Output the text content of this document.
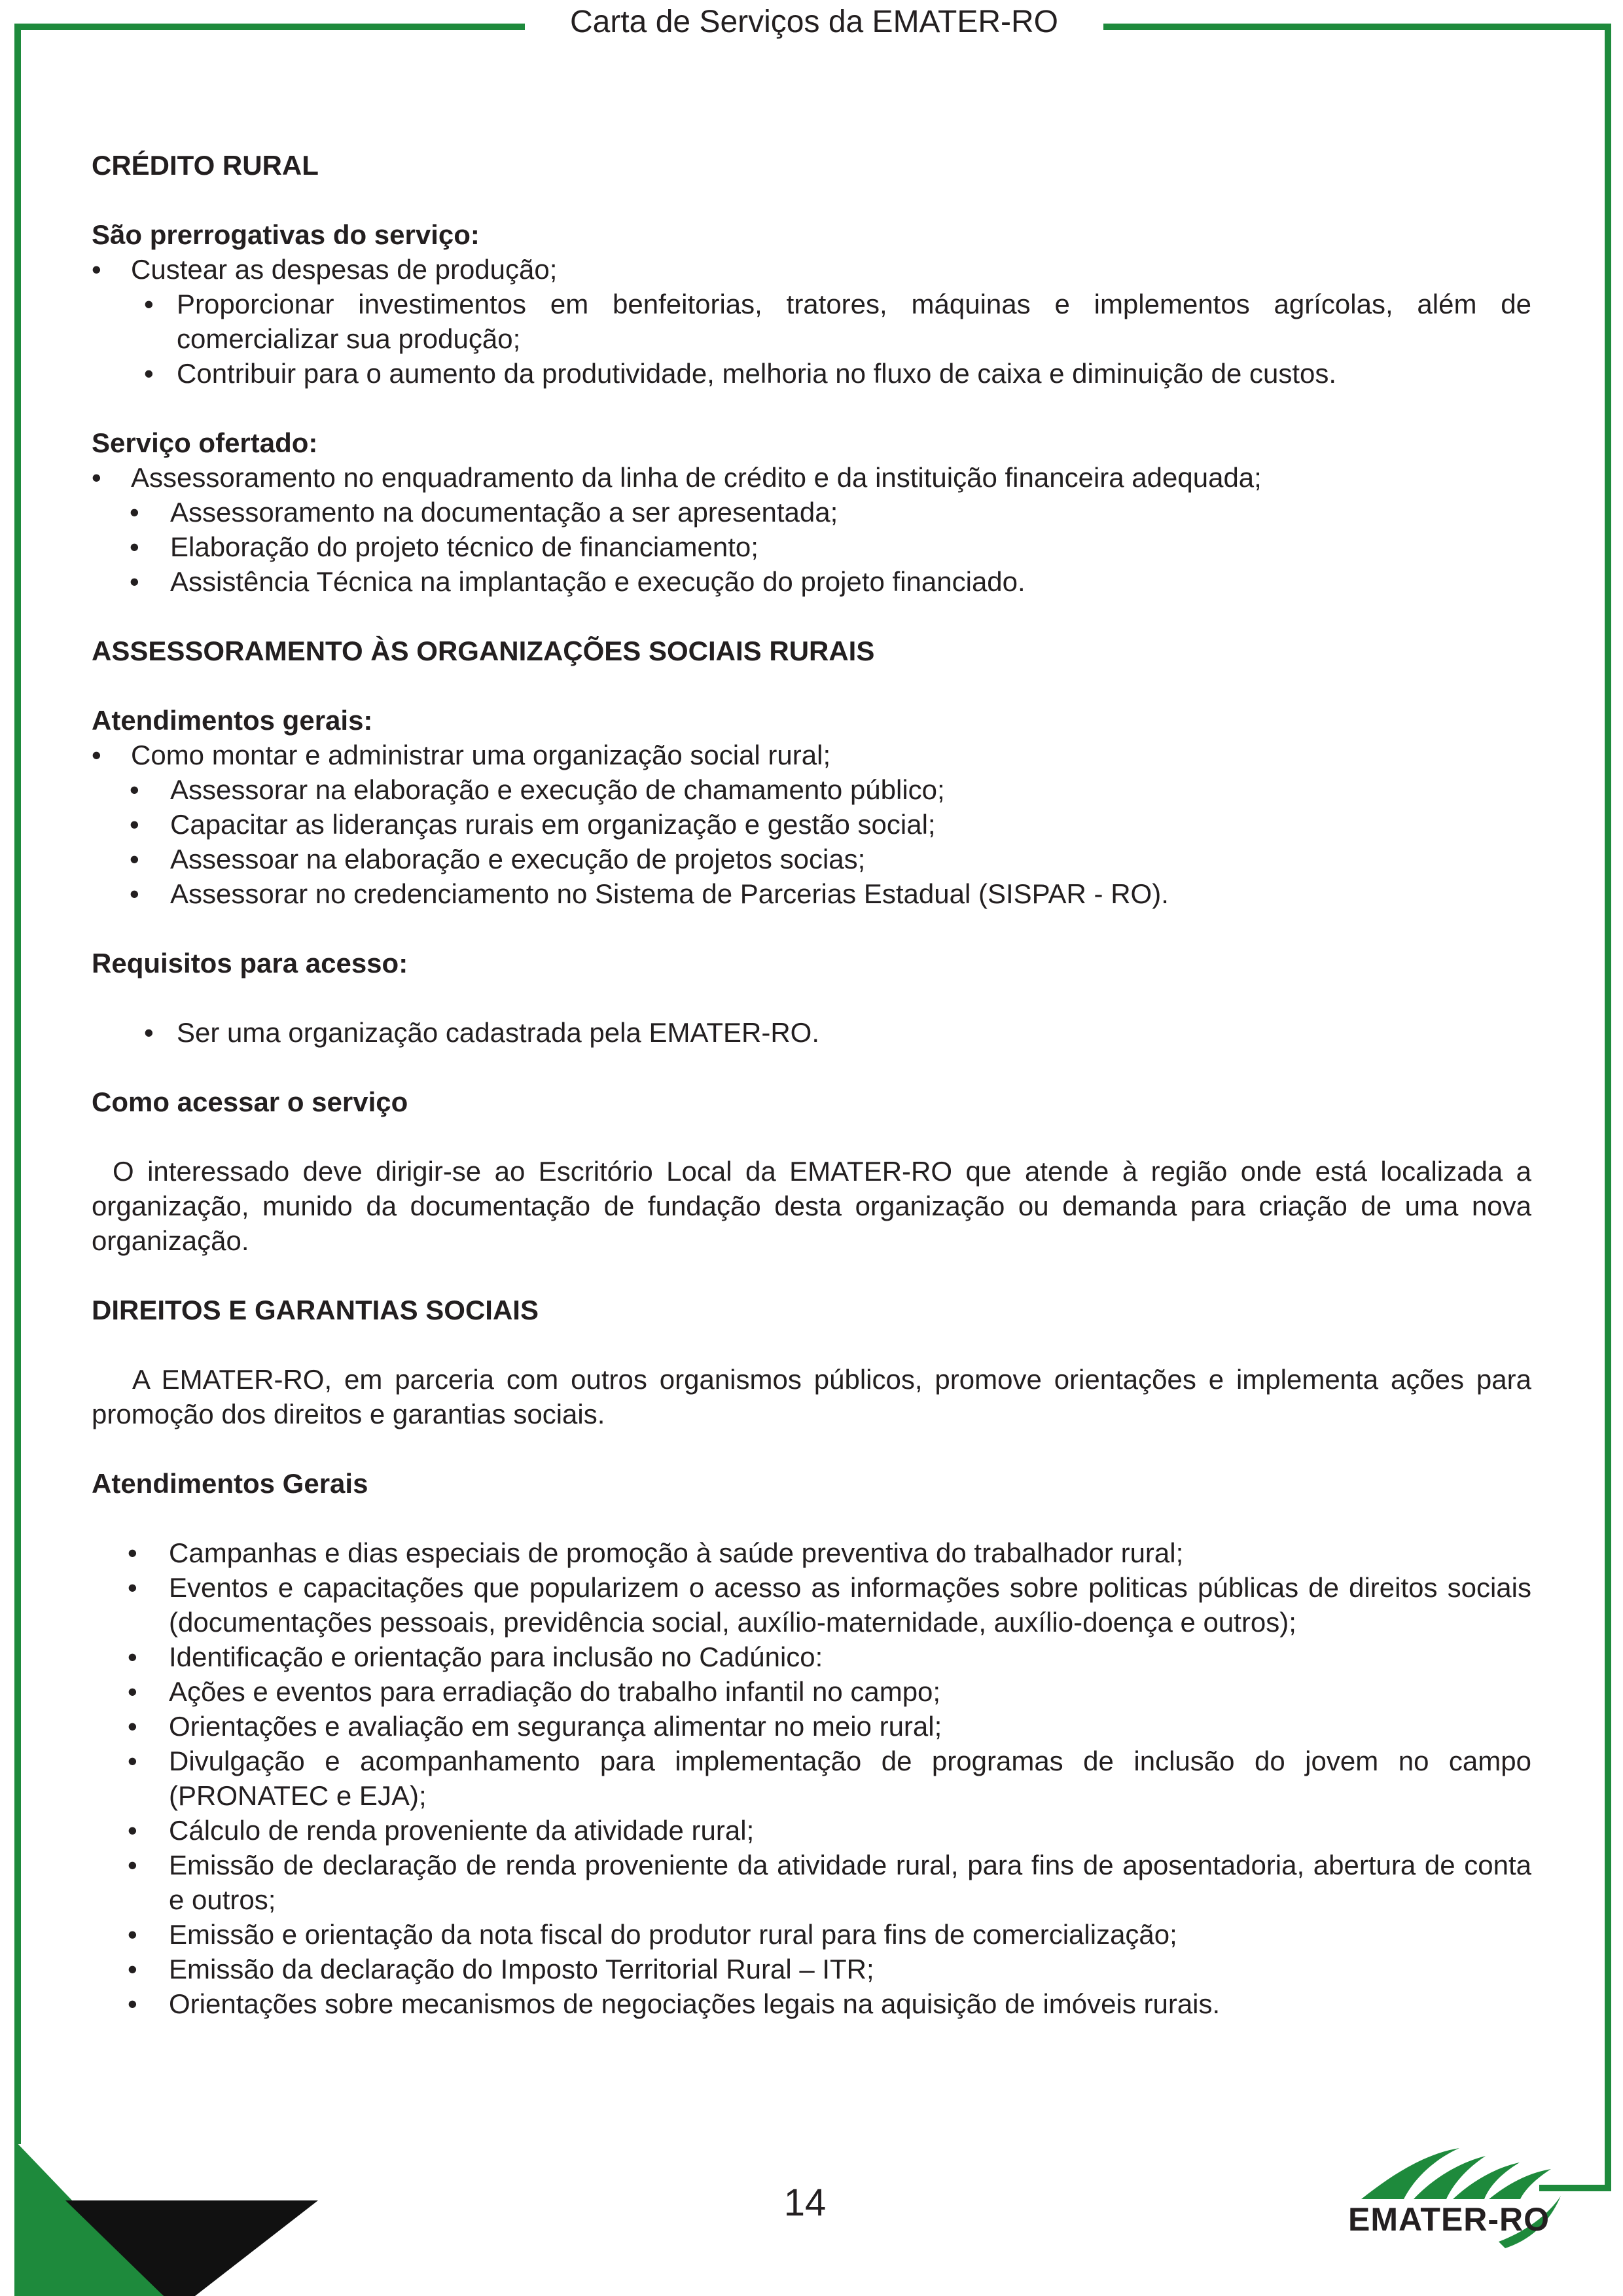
Carta de Serviços da EMATER-RO
CRÉDITO RURAL
São prerrogativas do serviço:
• Custear as despesas de produção;
• Proporcionar investimentos em benfeitorias, tratores, máquinas e implementos agrícolas, além de comercializar sua produção;
• Contribuir para o aumento da produtividade, melhoria no fluxo de caixa e diminuição de custos.
Serviço ofertado:
• Assessoramento no enquadramento da linha de crédito e da instituição financeira adequada;
• Assessoramento na documentação a ser apresentada;
• Elaboração do projeto técnico de financiamento;
• Assistência Técnica na implantação e execução do projeto financiado.
ASSESSORAMENTO ÀS ORGANIZAÇÕES SOCIAIS RURAIS
Atendimentos gerais:
• Como montar e administrar uma organização social rural;
• Assessorar na elaboração e execução de chamamento público;
• Capacitar as lideranças rurais em organização e gestão social;
• Assessoar na elaboração e execução de projetos socias;
• Assessorar no credenciamento no Sistema de Parcerias Estadual (SISPAR - RO).
Requisitos para acesso:
• Ser uma organização cadastrada pela EMATER-RO.
Como acessar o serviço
O interessado deve dirigir-se ao Escritório Local da EMATER-RO que atende à região onde está localizada a organização, munido da documentação de fundação desta organização ou demanda para criação de uma nova organização.
DIREITOS E GARANTIAS SOCIAIS
A EMATER-RO, em parceria com outros organismos públicos, promove orientações e implementa ações para promoção dos direitos e garantias sociais.
Atendimentos Gerais
• Campanhas e dias especiais de promoção à saúde preventiva do trabalhador rural;
• Eventos e capacitações que popularizem o acesso as informações sobre politicas públicas de direitos sociais (documentações pessoais, previdência social, auxílio-maternidade, auxílio-doença e outros);
• Identificação e orientação para inclusão no Cadúnico:
• Ações e eventos para erradiação do trabalho infantil no campo;
• Orientações e avaliação em segurança alimentar no meio rural;
• Divulgação e acompanhamento para implementação de programas de inclusão do jovem no campo (PRONATEC e EJA);
• Cálculo de renda proveniente da atividade rural;
• Emissão de declaração de renda proveniente da atividade rural, para fins de aposentadoria, abertura de conta e outros;
• Emissão e orientação da nota fiscal do produtor rural para fins de comercialização;
• Emissão da declaração do Imposto Territorial Rural – ITR;
• Orientações sobre mecanismos de negociações legais na aquisição de imóveis rurais.
14	EMATER-RO
